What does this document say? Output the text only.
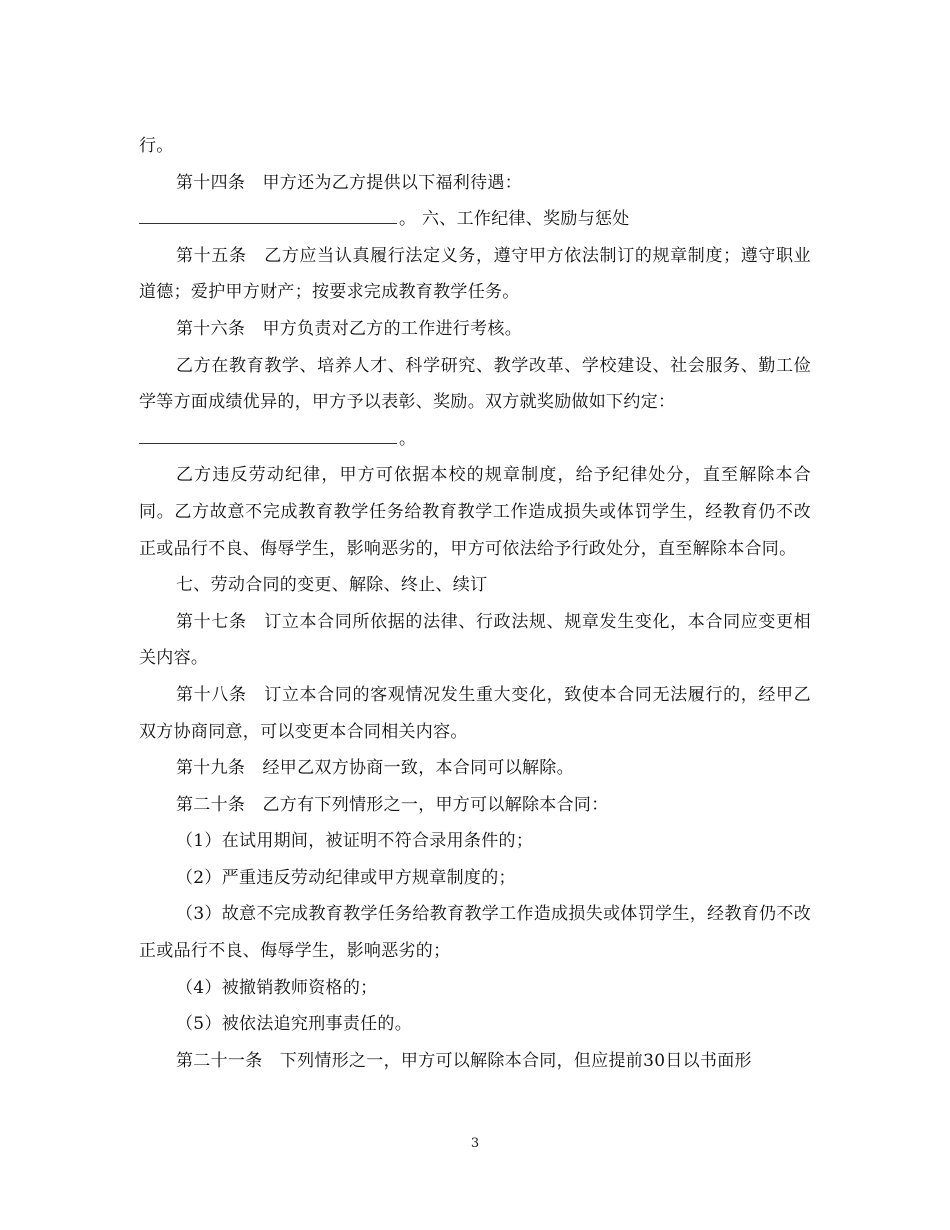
行。

第十四条　甲方还为乙方提供以下福利待遇：

。 六、工作纪律、奖励与惩处

第十五条　乙方应当认真履行法定义务，遵守甲方依法制订的规章制度；遵守职业道德；爱护甲方财产；按要求完成教育教学任务。

第十六条　甲方负责对乙方的工作进行考核。

乙方在教育教学、培养人才、科学研究、教学改革、学校建设、社会服务、勤工俭学等方面成绩优异的，甲方予以表彰、奖励。双方就奖励做如下约定：

。

乙方违反劳动纪律，甲方可依据本校的规章制度，给予纪律处分，直至解除本合同。乙方故意不完成教育教学任务给教育教学工作造成损失或体罚学生，经教育仍不改正或品行不良、侮辱学生，影响恶劣的，甲方可依法给予行政处分，直至解除本合同。

七、劳动合同的变更、解除、终止、续订

第十七条　订立本合同所依据的法律、行政法规、规章发生变化，本合同应变更相关内容。

第十八条　订立本合同的客观情况发生重大变化，致使本合同无法履行的，经甲乙双方协商同意，可以变更本合同相关内容。

第十九条　经甲乙双方协商一致，本合同可以解除。

第二十条　乙方有下列情形之一，甲方可以解除本合同：

（1）在试用期间，被证明不符合录用条件的；

（2）严重违反劳动纪律或甲方规章制度的；

（3）故意不完成教育教学任务给教育教学工作造成损失或体罚学生，经教育仍不改正或品行不良、侮辱学生，影响恶劣的；

（4）被撤销教师资格的；

（5）被依法追究刑事责任的。

第二十一条　下列情形之一，甲方可以解除本合同，但应提前30日以书面形

3
